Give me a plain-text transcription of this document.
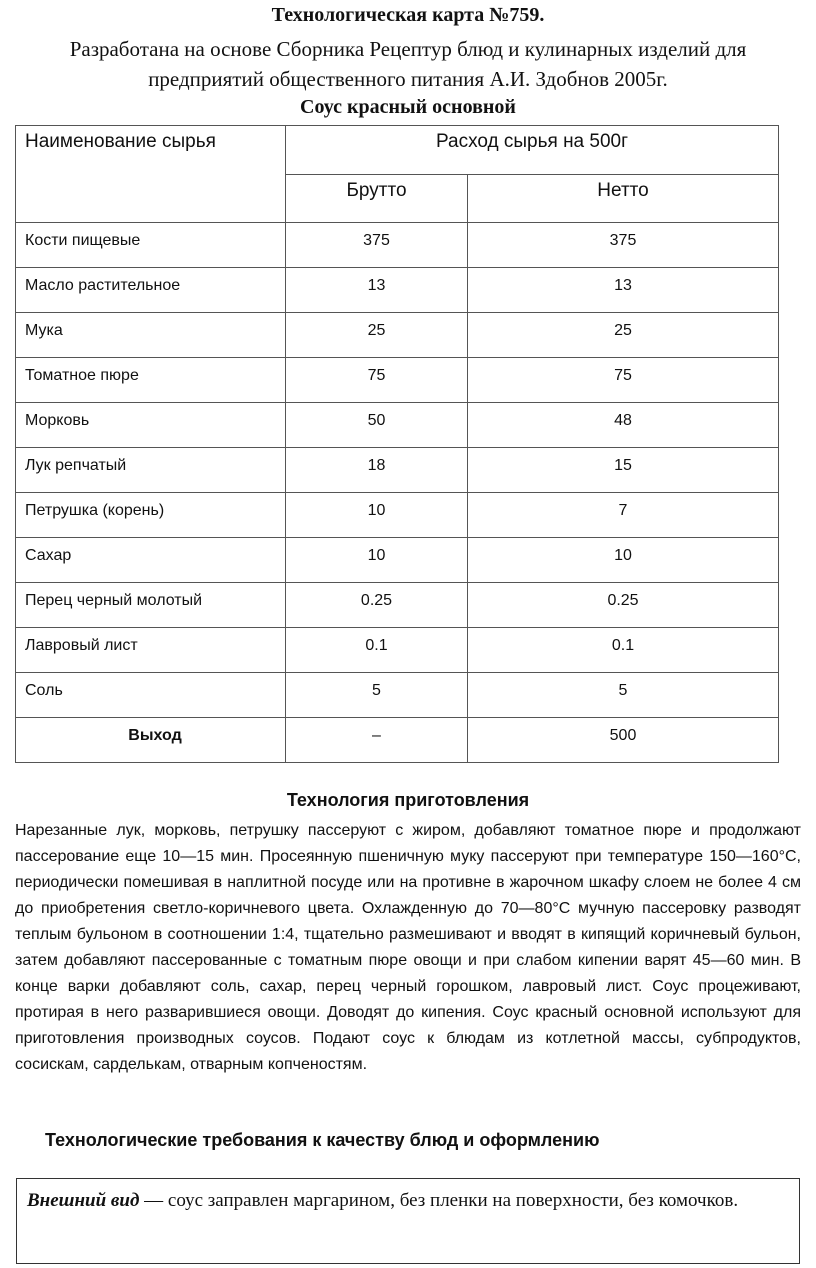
Технологическая карта №759.

Разработана на основе Сборника Рецептур блюд и кулинарных изделий для
предприятий общественного питания А.И. Здобнов 2005г.

Соус красный основной

Наименование сырья	Расход сырья на 500г	
	Брутто	Нетто
Кости пищевые	375	375
Масло растительное	13	13
Мука	25	25
Томатное пюре	75	75
Морковь	50	48
Лук репчатый	18	15
Петрушка (корень)	10	7
Сахар	10	10
Перец черный молотый	0.25	0.25
Лавровый лист	0.1	0.1
Соль	5	5
Выход	–	500

Технология приготовления

Нарезанные лук, морковь, петрушку пассеруют с жиром, добавляют томатное пюре и продолжают пассерование еще 10—15 мин. Просеянную пшеничную муку пассеруют при температуре 150—160°С, периодически помешивая в наплитной посуде или на противне в жарочном шкафу слоем не более 4 см до приобретения светло-коричневого цвета. Охлажденную до 70—80°С мучную пассеровку разводят теплым бульоном в соотношении 1:4, тщательно размешивают и вводят в кипящий коричневый бульон, затем добавляют пассерованные с томатным пюре овощи и при слабом кипении варят 45—60 мин. В конце варки добавляют соль, сахар, перец черный горошком, лавровый лист. Соус процеживают, протирая в него разварившиеся овощи. Доводят до кипения. Соус красный основной используют для приготовления производных соусов. Подают соус к блюдам из котлетной массы, субпродуктов, сосискам, сарделькам, отварным копченостям.

Технологические требования к качеству блюд и оформлению

Внешний вид — соус заправлен маргарином, без пленки на поверхности, без комочков.
